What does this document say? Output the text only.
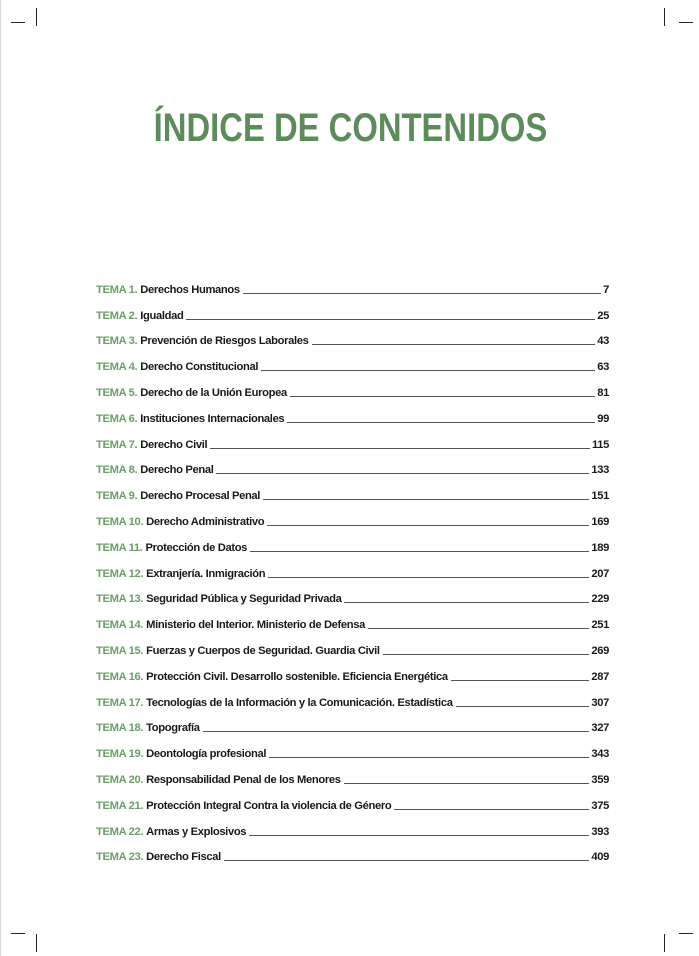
ÍNDICE DE CONTENIDOS
TEMA 1. Derechos Humanos	7
TEMA 2. Igualdad	25
TEMA 3. Prevención de Riesgos Laborales	43
TEMA 4. Derecho Constitucional	63
TEMA 5. Derecho de la Unión Europea	81
TEMA 6. Instituciones Internacionales	99
TEMA 7. Derecho Civil	115
TEMA 8. Derecho Penal	133
TEMA 9. Derecho Procesal Penal	151
TEMA 10. Derecho Administrativo	169
TEMA 11. Protección de Datos	189
TEMA 12. Extranjería. Inmigración	207
TEMA 13. Seguridad Pública y Seguridad Privada	229
TEMA 14. Ministerio del Interior. Ministerio de Defensa	251
TEMA 15. Fuerzas y Cuerpos de Seguridad. Guardia Civil	269
TEMA 16. Protección Civil. Desarrollo sostenible. Eficiencia Energética	287
TEMA 17. Tecnologías de la Información y la Comunicación. Estadística	307
TEMA 18. Topografía	327
TEMA 19. Deontología profesional	343
TEMA 20. Responsabilidad Penal de los Menores	359
TEMA 21. Protección Integral Contra la violencia de Género	375
TEMA 22. Armas y Explosivos	393
TEMA 23. Derecho Fiscal	409
